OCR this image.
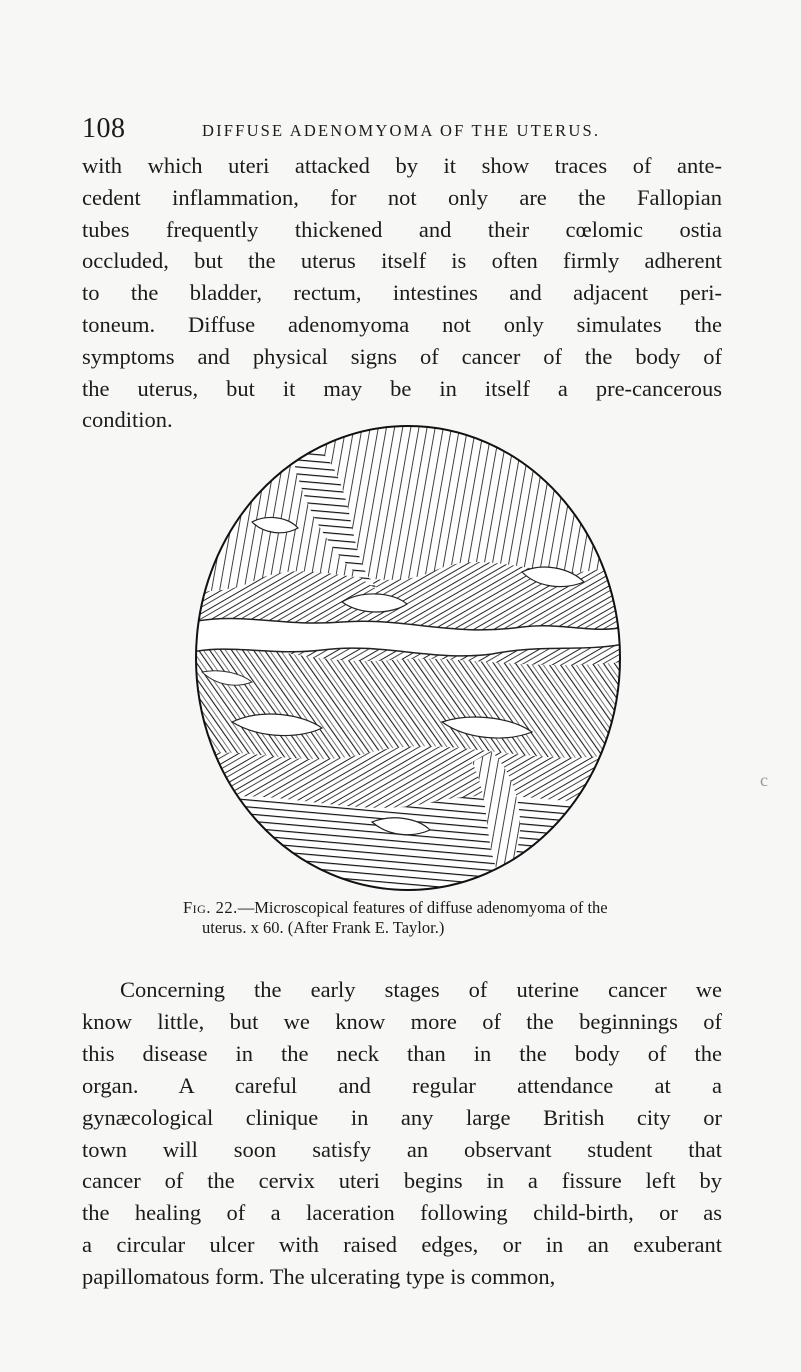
108	DIFFUSE ADENOMYOMA OF THE UTERUS.

with which uteri attacked by it show traces of ante-
cedent inflammation, for not only are the Fallopian
tubes frequently thickened and their cœlomic ostia
occluded, but the uterus itself is often firmly adherent
to the bladder, rectum, intestines and adjacent peri-
toneum. Diffuse adenomyoma not only simulates the
symptoms and physical signs of cancer of the body of
the uterus, but it may be in itself a pre-cancerous
condition.

Fig. 22.—Microscopical features of diffuse adenomyoma of the
uterus. x 60. (After Frank E. Taylor.)

Concerning the early stages of uterine cancer we
know little, but we know more of the beginnings of
this disease in the neck than in the body of the
organ. A careful and regular attendance at a
gynæcological clinique in any large British city or
town will soon satisfy an observant student that
cancer of the cervix uteri begins in a fissure left by
the healing of a laceration following child-birth, or as
a circular ulcer with raised edges, or in an exuberant
papillomatous form. The ulcerating type is common,

c
